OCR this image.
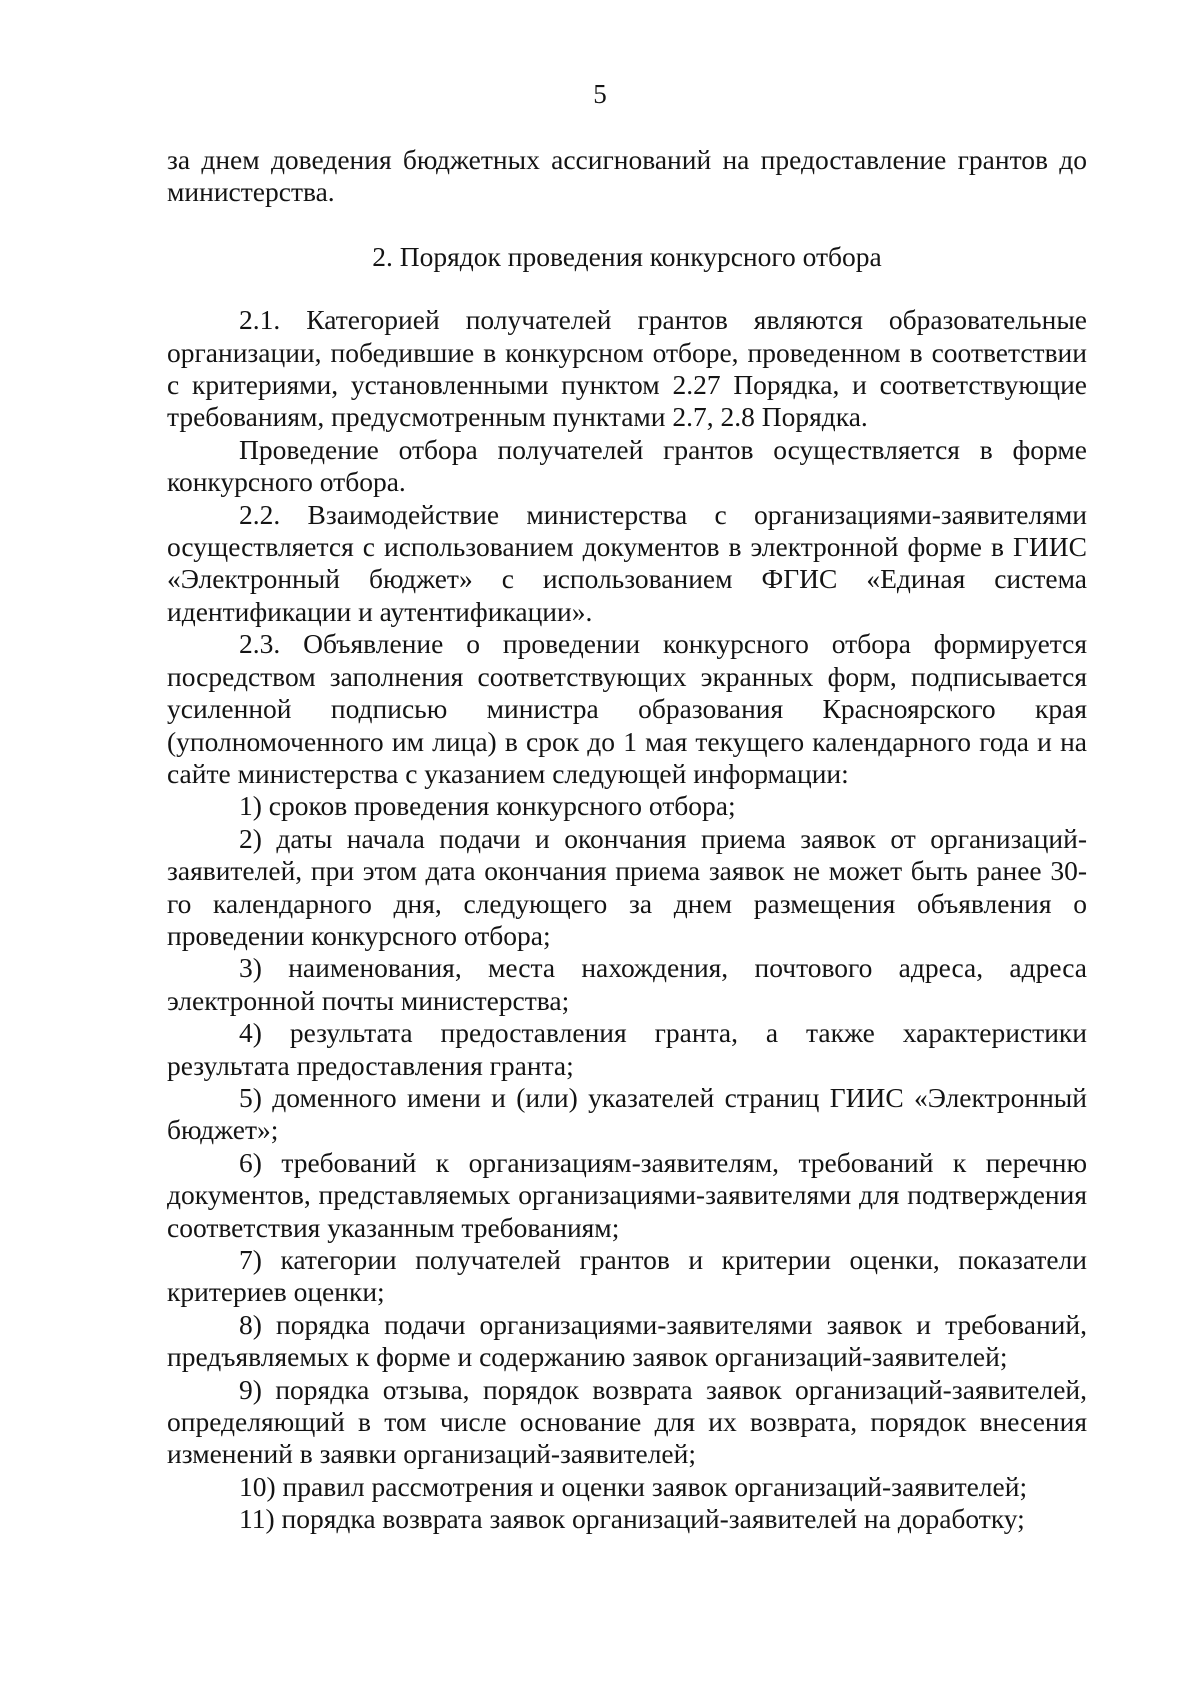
5

за днем доведения бюджетных ассигнований на предоставление грантов до министерства.

2. Порядок проведения конкурсного отбора

2.1. Категорией получателей грантов являются образовательные организации, победившие в конкурсном отборе, проведенном в соответствии с критериями, установленными пунктом 2.27 Порядка, и соответствующие требованиям, предусмотренным пунктами 2.7, 2.8 Порядка.

Проведение отбора получателей грантов осуществляется в форме конкурсного отбора.

2.2. Взаимодействие министерства с организациями-заявителями осуществляется с использованием документов в электронной форме в ГИИС «Электронный бюджет» с использованием ФГИС «Единая система идентификации и аутентификации».

2.3. Объявление о проведении конкурсного отбора формируется посредством заполнения соответствующих экранных форм, подписывается усиленной подписью министра образования Красноярского края (уполномоченного им лица) в срок до 1 мая текущего календарного года и на сайте министерства с указанием следующей информации:

1) сроков проведения конкурсного отбора;

2) даты начала подачи и окончания приема заявок от организаций-заявителей, при этом дата окончания приема заявок не может быть ранее 30-го календарного дня, следующего за днем размещения объявления о проведении конкурсного отбора;

3) наименования, места нахождения, почтового адреса, адреса электронной почты министерства;

4) результата предоставления гранта, а также характеристики результата предоставления гранта;

5) доменного имени и (или) указателей страниц ГИИС «Электронный бюджет»;

6) требований к организациям-заявителям, требований к перечню документов, представляемых организациями-заявителями для подтверждения соответствия указанным требованиям;

7) категории получателей грантов и критерии оценки, показатели критериев оценки;

8) порядка подачи организациями-заявителями заявок и требований, предъявляемых к форме и содержанию заявок организаций-заявителей;

9) порядка отзыва, порядок возврата заявок организаций-заявителей, определяющий в том числе основание для их возврата, порядок внесения изменений в заявки организаций-заявителей;

10) правил рассмотрения и оценки заявок организаций-заявителей;

11) порядка возврата заявок организаций-заявителей на доработку;
